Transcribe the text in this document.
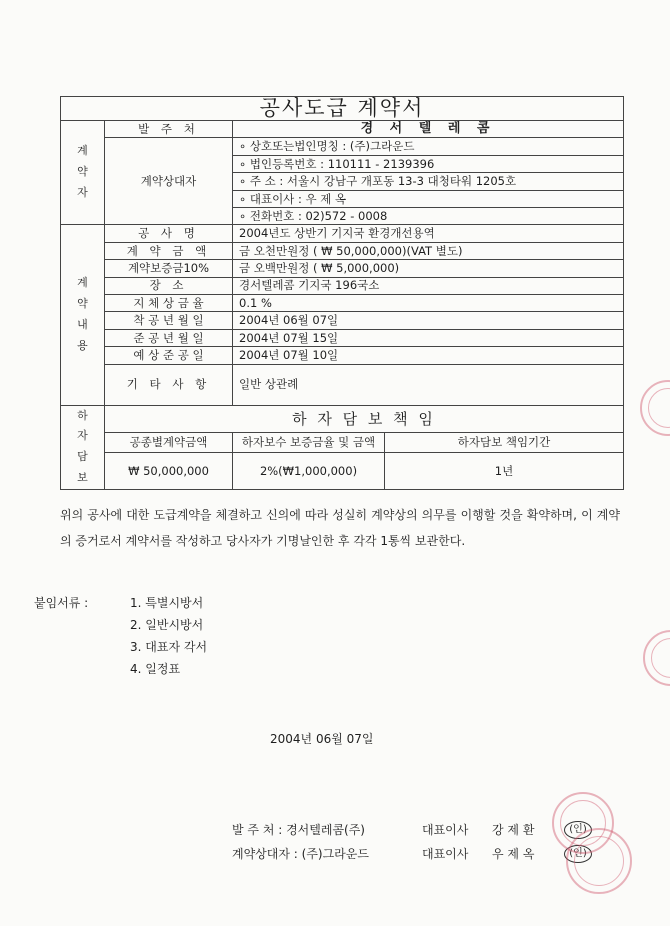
공사도급 계약서			
계
약
자	발 주 처	경 서 텔 레 콤	
	계약상대자	∘ 상호또는법인명칭 : (주)그라운드

		∘ 법인등록번호 : 110111 - 2139396

		∘ 주 소 : 서울시 강남구 개포동 13-3 대청타워 1205호

		∘ 대표이사 : 우 제 옥

		∘ 전화번호 : 02)572 - 0008

계
약
내
용	공 사 명	2004년도 상반기 기지국 환경개선용역	
	계 약 금 액	금 오천만원정 ( ₩ 50,000,000)(VAT 별도)	
	계약보증금10%	금 오백만원정 ( ₩ 5,000,000)	
	장 소	경서텔레콤 기지국 196국소	
	지 체 상 금 율	0.1 %	
	착 공 년 월 일	2004년 06월 07일	
	준 공 년 월 일	2004년 07월 15일	
	예 상 준 공 일	2004년 07월 10일	
	기 타 사 항	일반 상관례	
하
자
담
보	하 자 담 보 책 임		
	공종별계약금액	하자보수 보증금율 및 금액	하자담보 책임기간
	₩ 50,000,000	2%(₩1,000,000)	1년

위의 공사에 대한 도급계약을 체결하고 신의에 따라 성실히 계약상의 의무를 이행할 것을 확약하며, 이 계약의 증거로서 계약서를 작성하고 당사자가 기명날인한 후 각각 1통씩 보관한다.

붙임서류 :	1. 특별시방서
2. 일반시방서
3. 대표자 각서
4. 일정표
2004년 06월 07일
발 주 처 : 경서텔레콤(주)	대표이사	강 제 환	(인)
계약상대자 : (주)그라운드	대표이사	우 제 옥	(인)
